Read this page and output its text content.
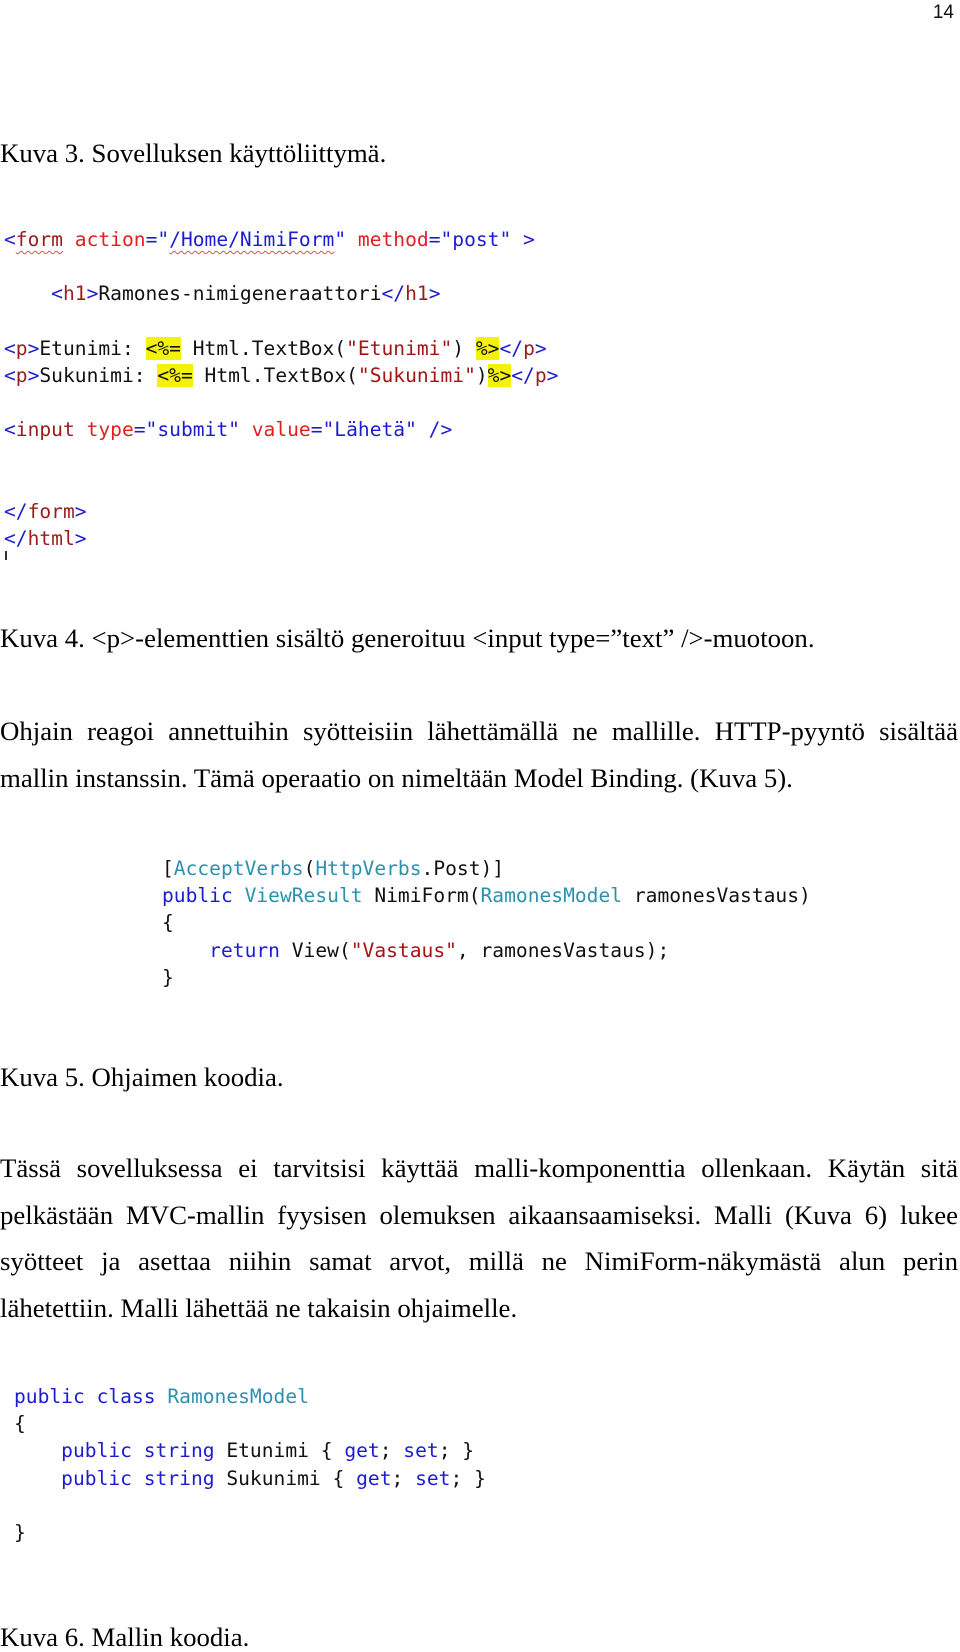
14
Kuva 3. Sovelluksen käyttöliittymä.
<form action="/Home/NimiForm" method="post" >
<h1>Ramones-nimigeneraattori</h1>
<p>Etunimi: <%= Html.TextBox("Etunimi") %></p>
<p>Sukunimi: <%= Html.TextBox("Sukunimi")%></p>
<input type="submit" value="Lähetä" />
</form>
</html>
Kuva 4. <p>-elementtien sisältö generoituu <input type=”text” />-muotoon.

Ohjain reagoi annettuihin syötteisiin lähettämällä ne mallille. HTTP-pyyntö sisältää mallin instanssin. Tämä operaatio on nimeltään Model Binding. (Kuva 5).

[AcceptVerbs(HttpVerbs.Post)]
public ViewResult NimiForm(RamonesModel ramonesVastaus)
{
return View("Vastaus", ramonesVastaus);
}
Kuva 5. Ohjaimen koodia.

Tässä sovelluksessa ei tarvitsisi käyttää malli-komponenttia ollenkaan. Käytän sitä pelkästään MVC-mallin fyysisen olemuksen aikaansaamiseksi. Malli (Kuva 6) lukee syötteet ja asettaa niihin samat arvot, millä ne NimiForm-näkymästä alun perin lähetettiin. Malli lähettää ne takaisin ohjaimelle.

public class RamonesModel
{
public string Etunimi { get; set; }
public string Sukunimi { get; set; }
}
Kuva 6. Mallin koodia.
